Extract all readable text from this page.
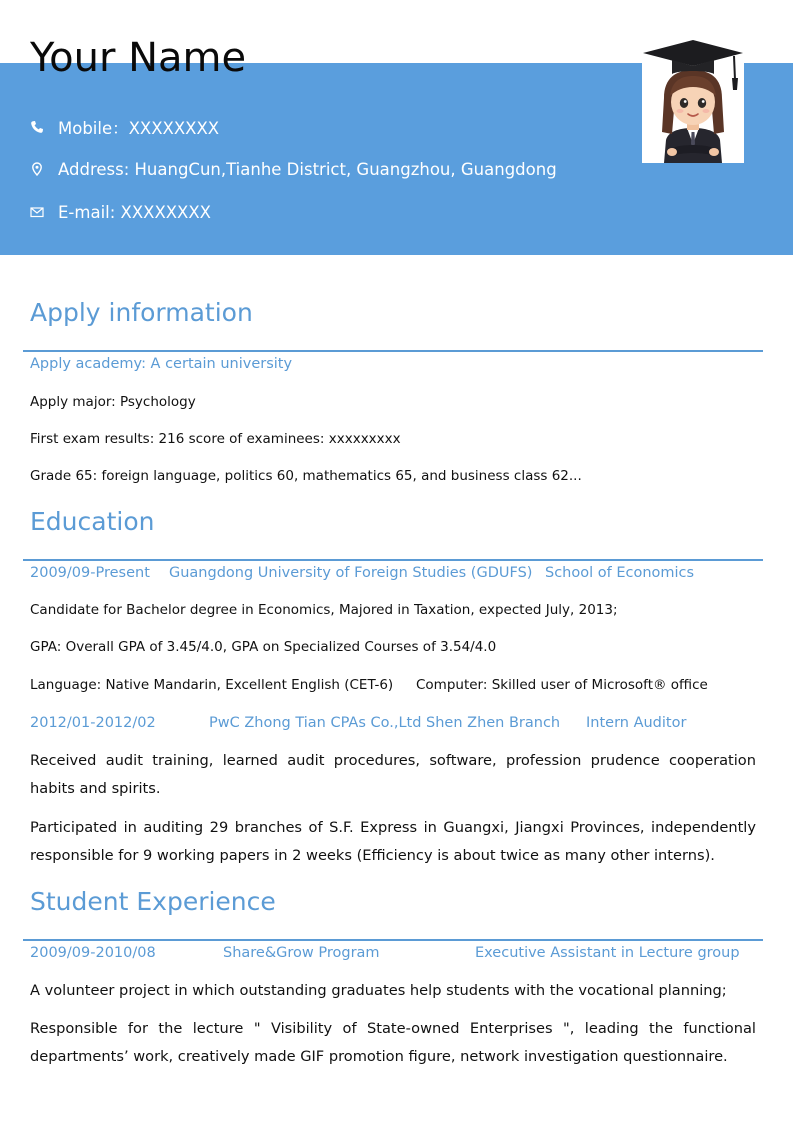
Your Name
Mobile：XXXXXXXX
Address: HuangCun,Tianhe District, Guangzhou, Guangdong
E-mail: XXXXXXXX
Apply information
Apply academy: A certain university
Apply major: Psychology
First exam results: 216 score of examinees: xxxxxxxxx
Grade 65: foreign language, politics 60, mathematics 65, and business class 62...
Education
2009/09-Present Guangdong University of Foreign Studies (GDUFS) School of Economics
Candidate for Bachelor degree in Economics, Majored in Taxation, expected July, 2013;
GPA: Overall GPA of 3.45/4.0, GPA on Specialized Courses of 3.54/4.0
Language: Native Mandarin, Excellent English (CET-6) Computer: Skilled user of Microsoft® office
2012/01-2012/02	PwC Zhong Tian CPAs Co.,Ltd Shen Zhen Branch Intern Auditor
Received audit training, learned audit procedures, software, profession prudence cooperation habits and spirits.
Participated in auditing 29 branches of S.F. Express in Guangxi, Jiangxi Provinces, independently responsible for 9 working papers in 2 weeks (Efficiency is about twice as many other interns).
Student Experience
2009/09-2010/08	Share&Grow Program	Executive Assistant in Lecture group
A volunteer project in which outstanding graduates help students with the vocational planning;
Responsible for the lecture " Visibility of State-owned Enterprises ", leading the functional departments’ work, creatively made GIF promotion figure, network investigation questionnaire.
